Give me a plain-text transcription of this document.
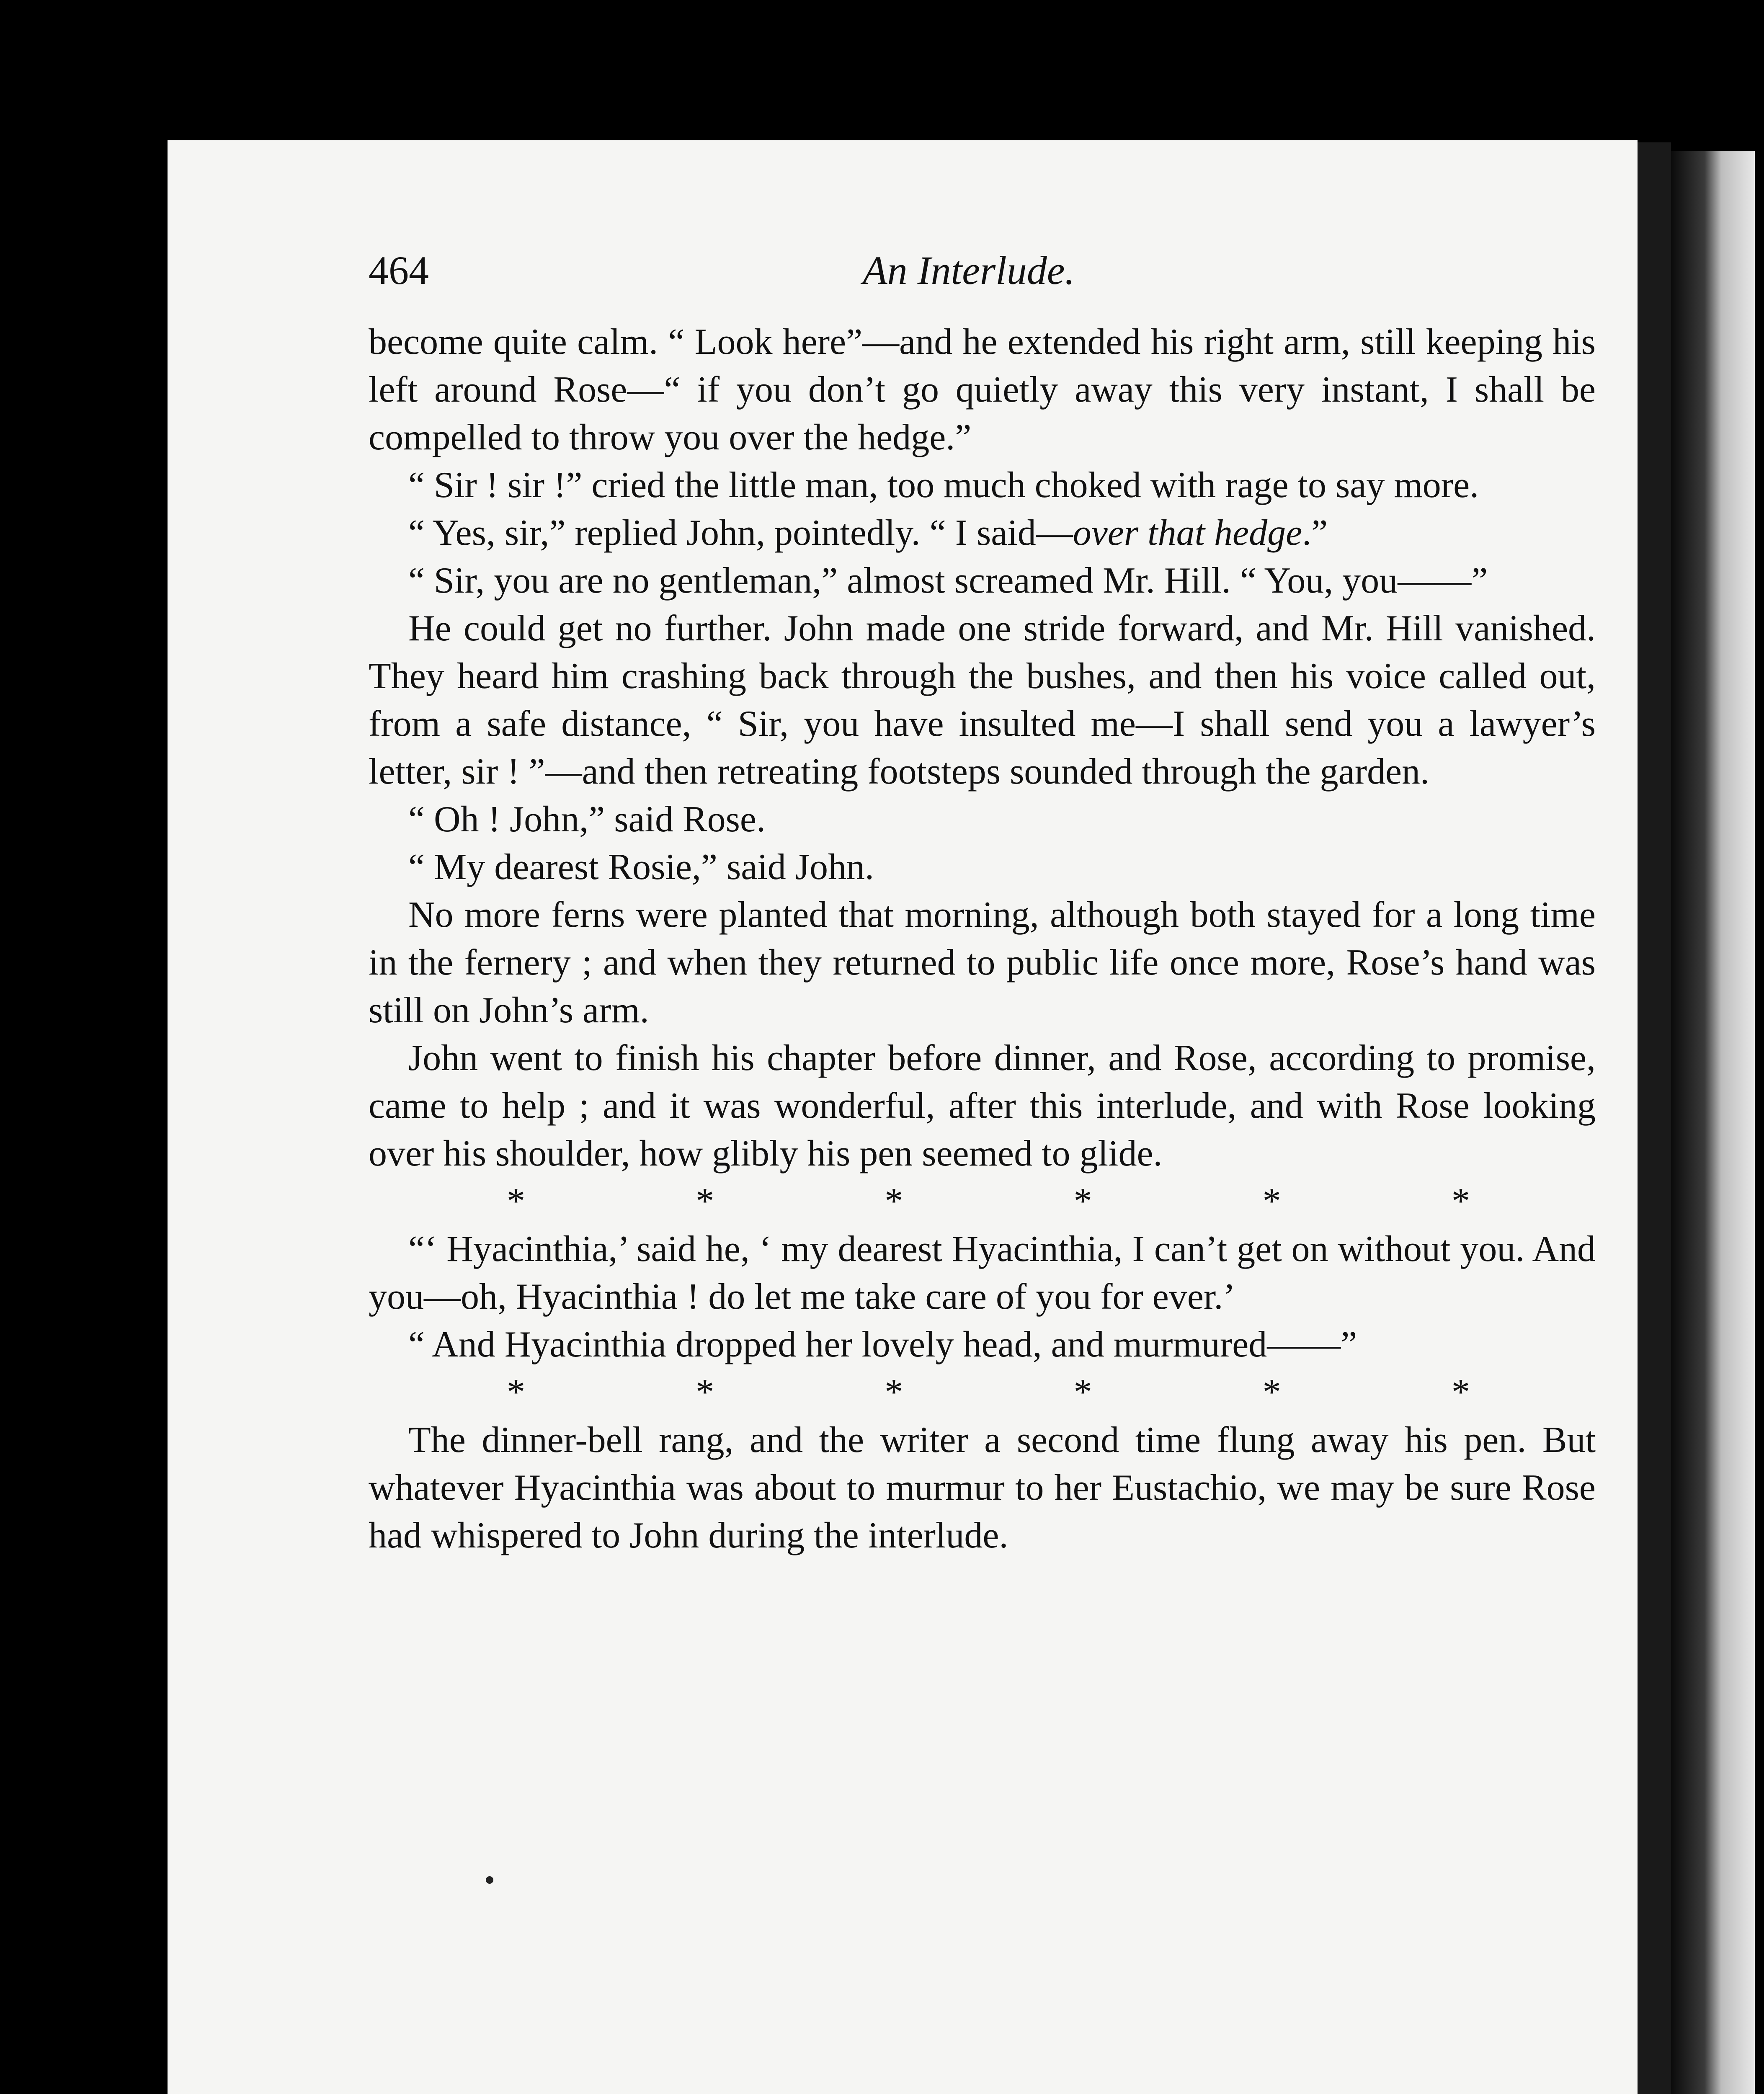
464	An Interlude.

become quite calm. “ Look here”—and he extended his right arm, still keeping his left around Rose—“ if you don’t go quietly away this very instant, I shall be compelled to throw you over the hedge.”

“ Sir ! sir !” cried the little man, too much choked with rage to say more.

“ Yes, sir,” replied John, pointedly. “ I said—over that hedge.”

“ Sir, you are no gentleman,” almost screamed Mr. Hill. “ You, you——”

He could get no further. John made one stride forward, and Mr. Hill vanished. They heard him crashing back through the bushes, and then his voice called out, from a safe distance, “ Sir, you have insulted me—I shall send you a lawyer’s letter, sir ! ”—and then retreating footsteps sounded through the garden.

“ Oh ! John,” said Rose.

“ My dearest Rosie,” said John.

No more ferns were planted that morning, although both stayed for a long time in the fernery ; and when they returned to public life once more, Rose’s hand was still on John’s arm.

John went to finish his chapter before dinner, and Rose, according to promise, came to help ; and it was wonderful, after this interlude, and with Rose looking over his shoulder, how glibly his pen seemed to glide.

*	*	*	*	*	*

“‘ Hyacinthia,’ said he, ‘ my dearest Hyacinthia, I can’t get on without you. And you—oh, Hyacinthia ! do let me take care of you for ever.’

“ And Hyacinthia dropped her lovely head, and murmured——”

*	*	*	*	*	*

The dinner-bell rang, and the writer a second time flung away his pen. But whatever Hyacinthia was about to murmur to her Eustachio, we may be sure Rose had whispered to John during the interlude.
